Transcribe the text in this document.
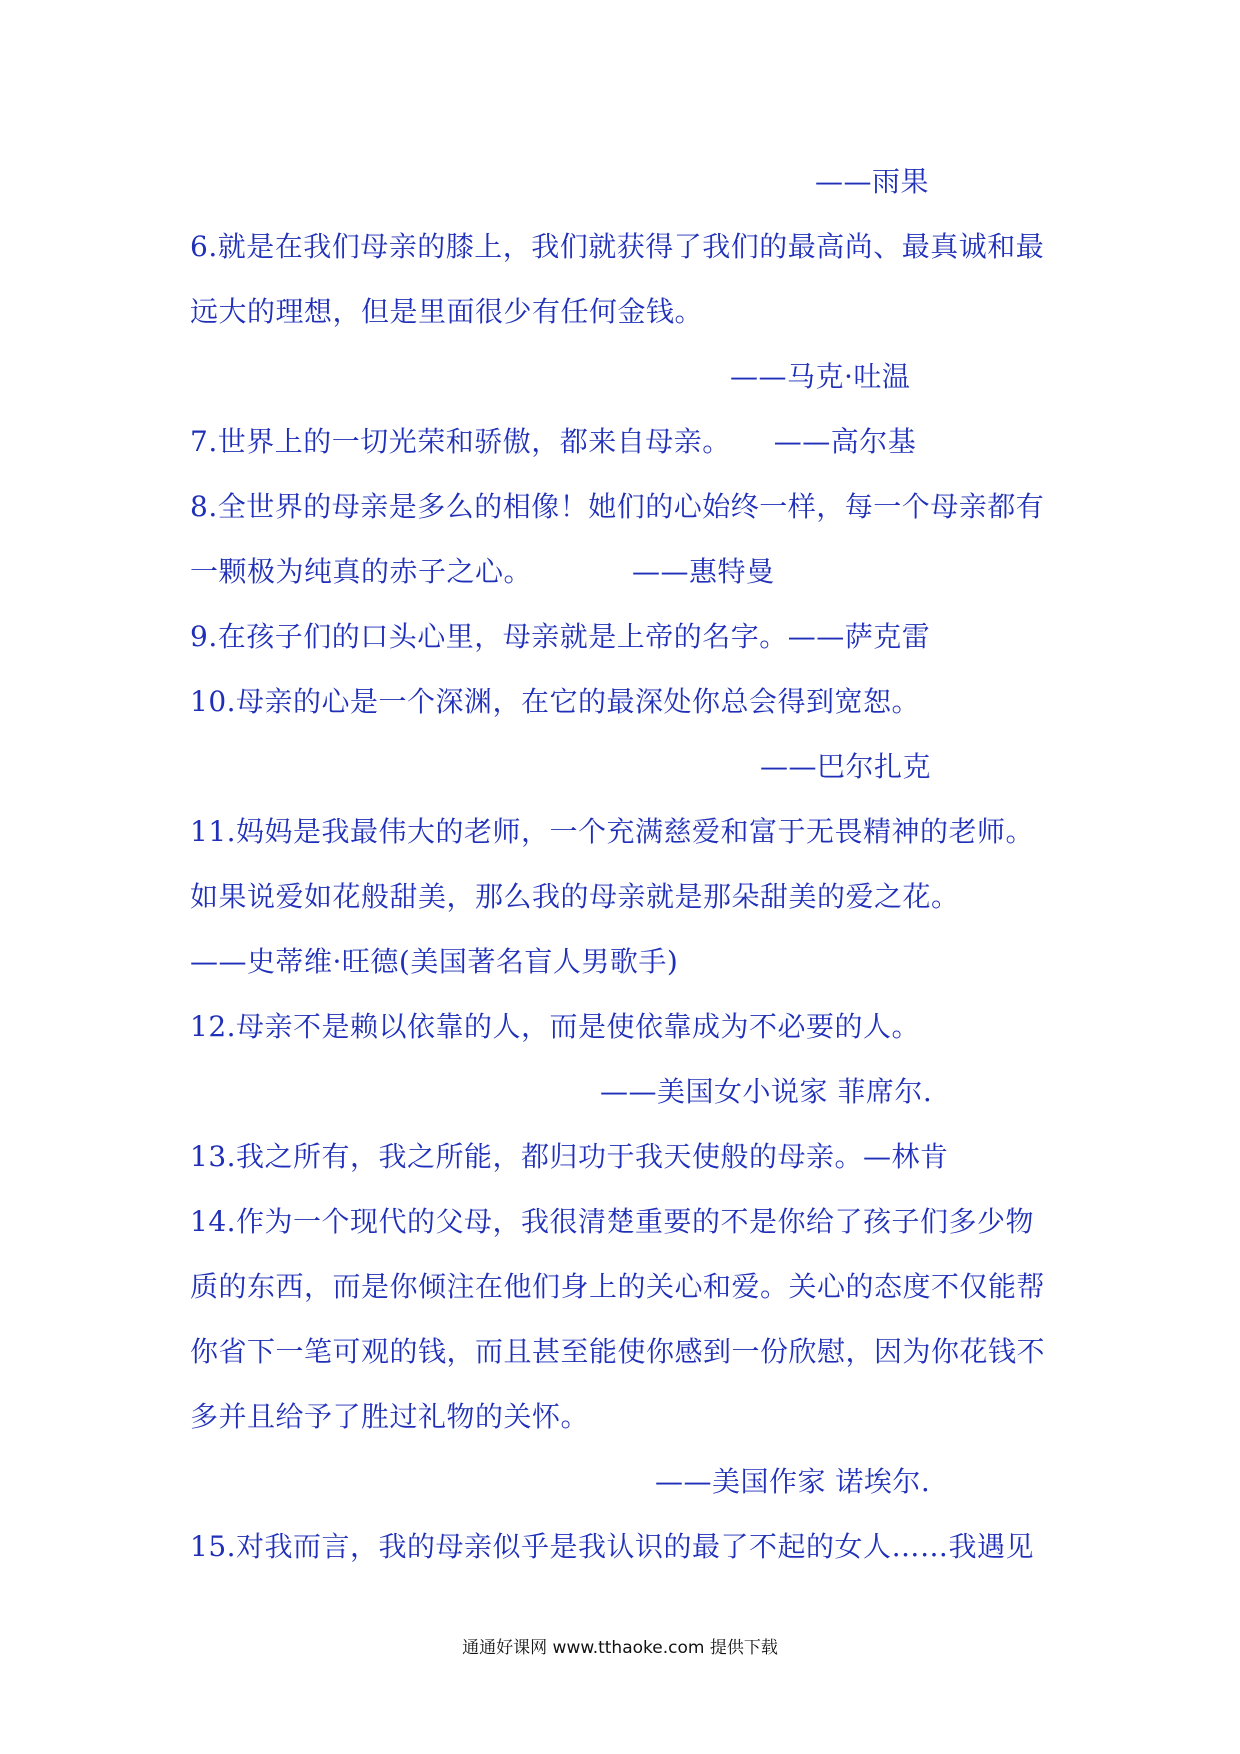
——雨果
6.就是在我们母亲的膝上，我们就获得了我们的最高尚、最真诚和最
远大的理想，但是里面很少有任何金钱。
——马克·吐温
7.世界上的一切光荣和骄傲，都来自母亲。　　——高尔基
8.全世界的母亲是多么的相像！她们的心始终一样，每一个母亲都有
一颗极为纯真的赤子之心。　　　　——惠特曼
9.在孩子们的口头心里，母亲就是上帝的名字。——萨克雷
10.母亲的心是一个深渊，在它的最深处你总会得到宽恕。
——巴尔扎克
11.妈妈是我最伟大的老师，一个充满慈爱和富于无畏精神的老师。
如果说爱如花般甜美，那么我的母亲就是那朵甜美的爱之花。
——史蒂维·旺德(美国著名盲人男歌手)
12.母亲不是赖以依靠的人，而是使依靠成为不必要的人。
——美国女小说家 菲席尔.
13.我之所有，我之所能，都归功于我天使般的母亲。—林肯
14.作为一个现代的父母，我很清楚重要的不是你给了孩子们多少物
质的东西，而是你倾注在他们身上的关心和爱。关心的态度不仅能帮
你省下一笔可观的钱，而且甚至能使你感到一份欣慰，因为你花钱不
多并且给予了胜过礼物的关怀。
——美国作家 诺埃尔.
15.对我而言，我的母亲似乎是我认识的最了不起的女人……我遇见
通通好课网 www.tthaoke.com 提供下载
